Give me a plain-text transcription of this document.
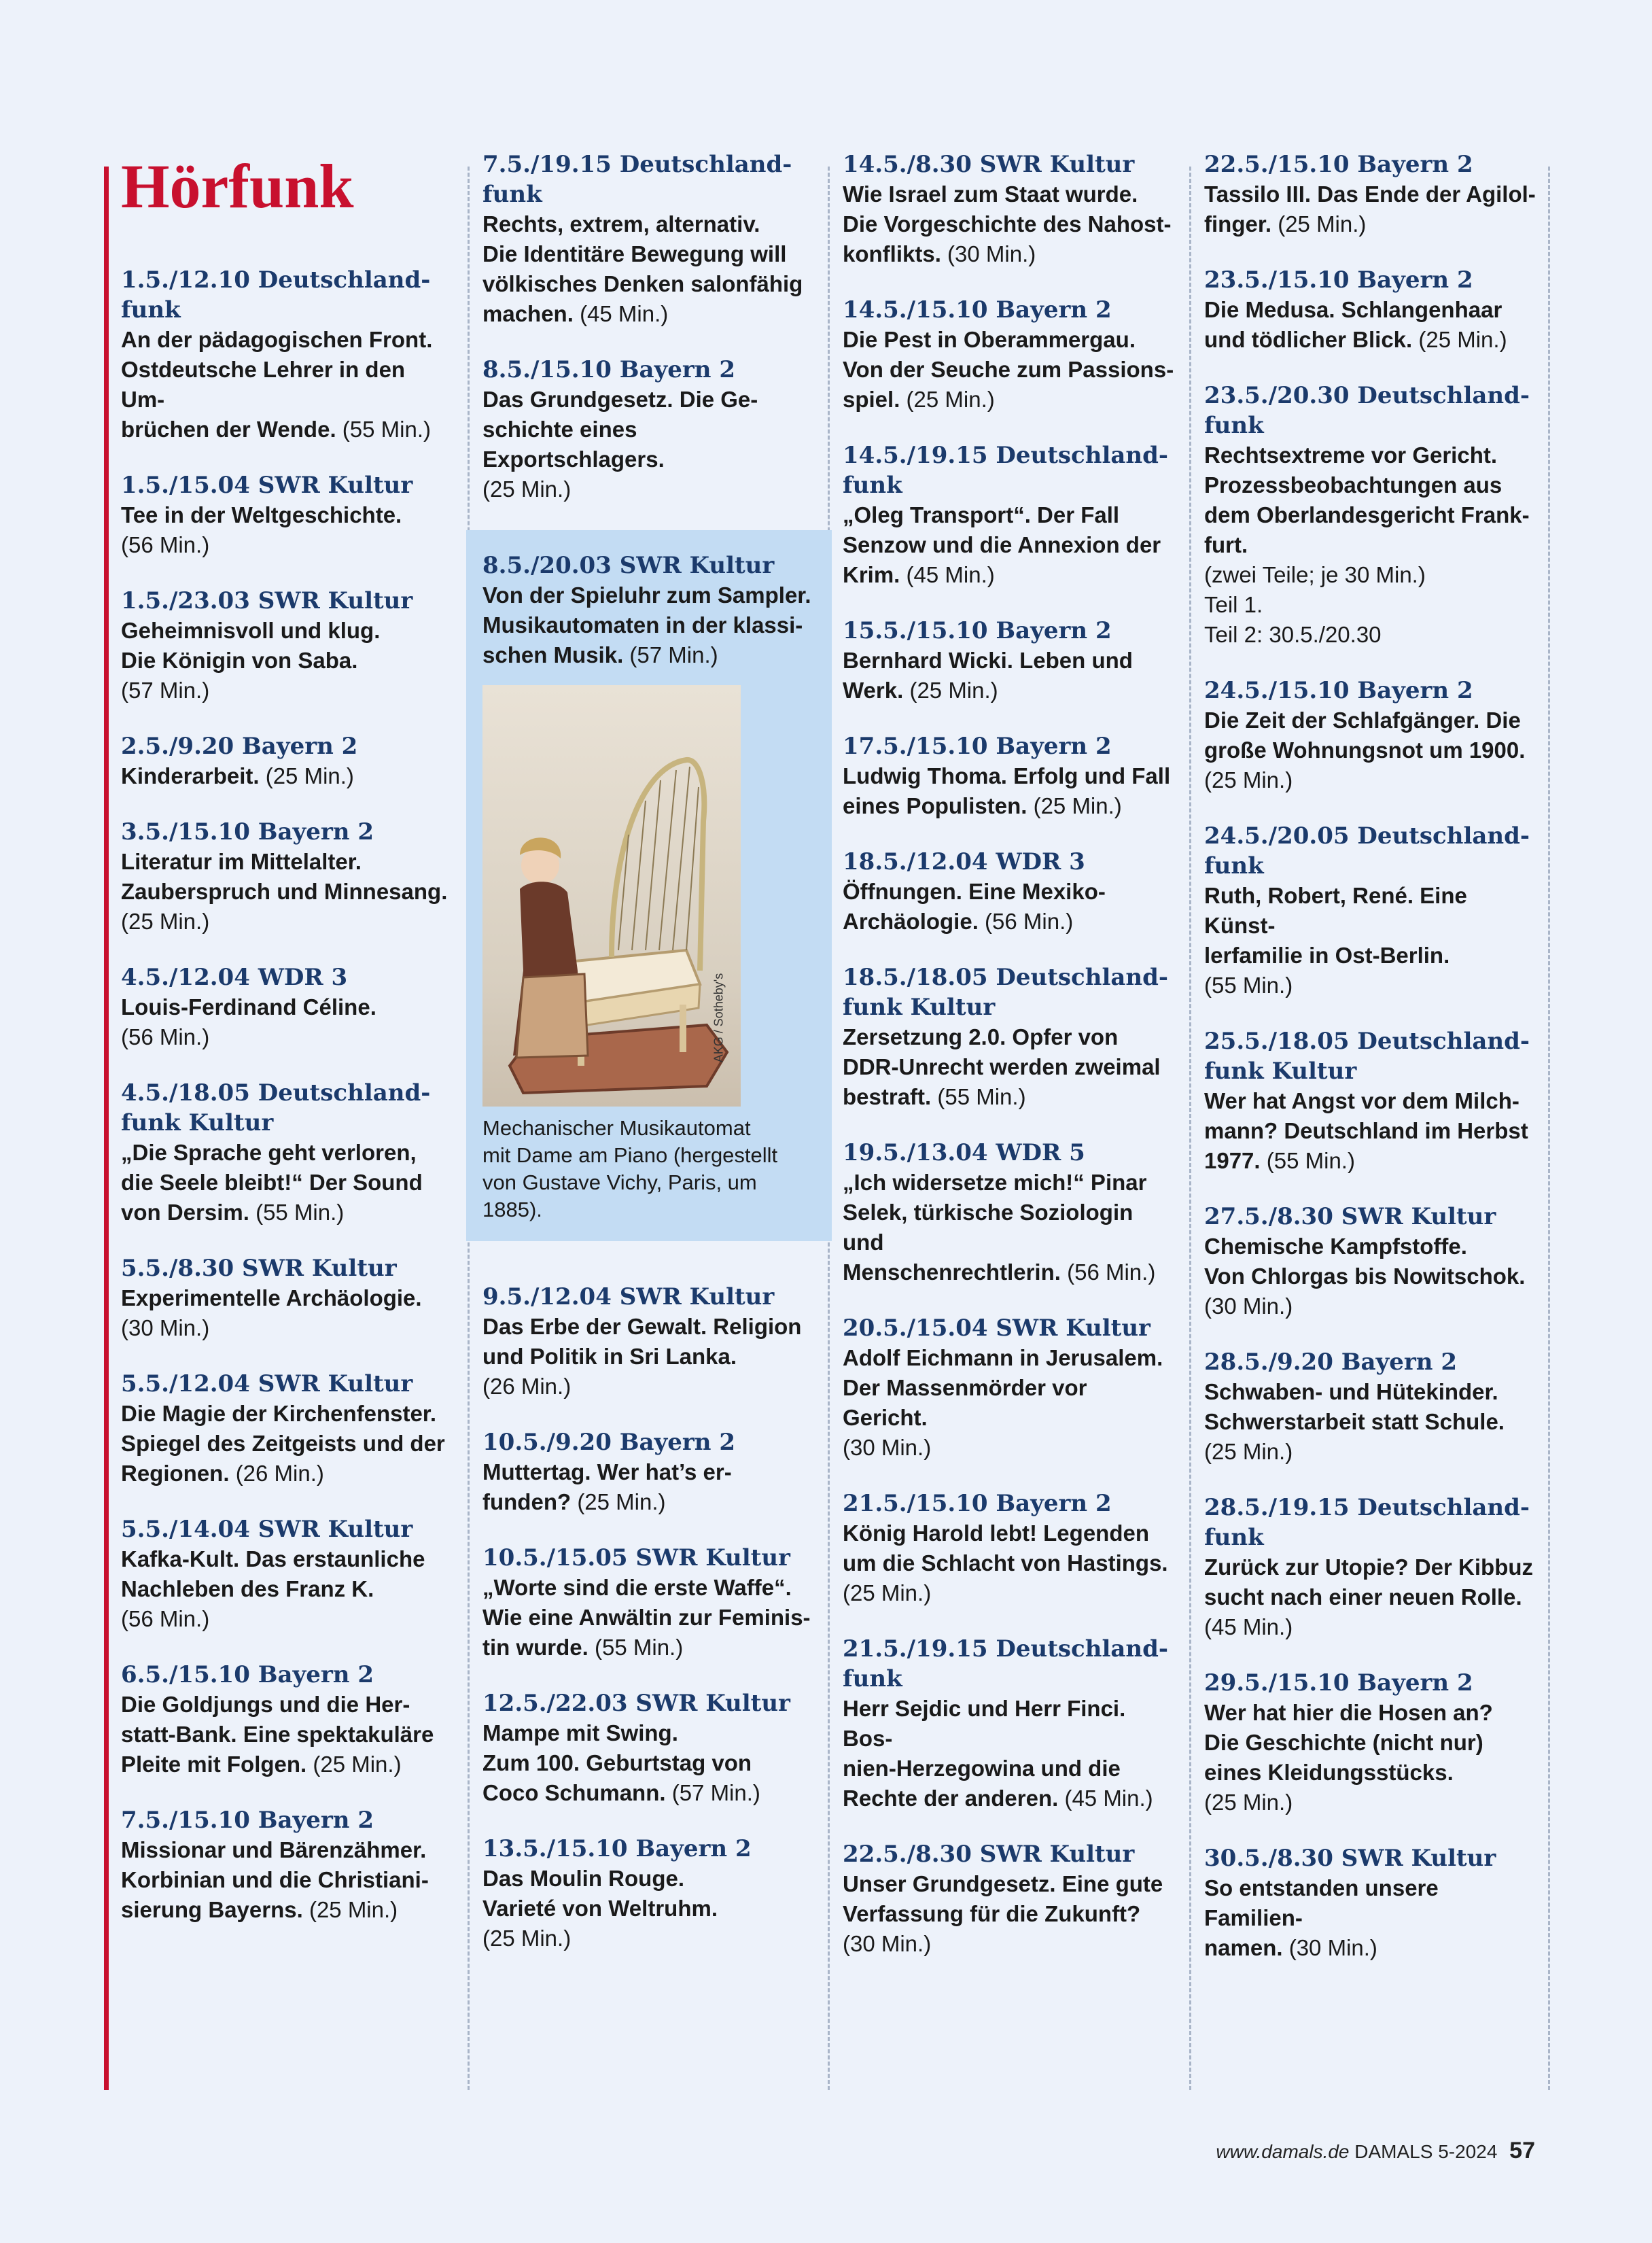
Hörfunk
1.5./12.10 Deutschland-
funk
An der pädagogischen Front.
Ostdeutsche Lehrer in den Um-
brüchen der Wende. (55 Min.)
1.5./15.04 SWR Kultur
Tee in der Weltgeschichte.
(56 Min.)
1.5./23.03 SWR Kultur
Geheimnisvoll und klug.
Die Königin von Saba.
(57 Min.)
2.5./9.20 Bayern 2
Kinderarbeit. (25 Min.)
3.5./15.10 Bayern 2
Literatur im Mittelalter.
Zauberspruch und Minnesang.
(25 Min.)
4.5./12.04 WDR 3
Louis-Ferdinand Céline.
(56 Min.)
4.5./18.05 Deutschland-
funk Kultur
„Die Sprache geht verloren,
die Seele bleibt!“ Der Sound
von Dersim. (55 Min.)
5.5./8.30 SWR Kultur
Experimentelle Archäologie.
(30 Min.)
5.5./12.04 SWR Kultur
Die Magie der Kirchenfenster.
Spiegel des Zeitgeists und der
Regionen. (26 Min.)
5.5./14.04 SWR Kultur
Kafka-Kult. Das erstaunliche
Nachleben des Franz K.
(56 Min.)
6.5./15.10 Bayern 2
Die Goldjungs und die Her-
statt-Bank. Eine spektakuläre
Pleite mit Folgen. (25 Min.)
7.5./15.10 Bayern 2
Missionar und Bärenzähmer.
Korbinian und die Christiani-
sierung Bayerns. (25 Min.)
7.5./19.15 Deutschland-
funk
Rechts, extrem, alternativ.
Die Identitäre Bewegung will
völkisches Denken salonfähig
machen. (45 Min.)
8.5./15.10 Bayern 2
Das Grundgesetz. Die Ge-
schichte eines Exportschlagers.
(25 Min.)
8.5./20.03 SWR Kultur
Von der Spieluhr zum Sampler.
Musikautomaten in der klassi-
schen Musik. (57 Min.)
AKG / Sotheby's
Mechanischer Musikautomat
mit Dame am Piano (hergestellt
von Gustave Vichy, Paris, um
1885).
9.5./12.04 SWR Kultur
Das Erbe der Gewalt. Religion
und Politik in Sri Lanka.
(26 Min.)
10.5./9.20 Bayern 2
Muttertag. Wer hat’s er-
funden? (25 Min.)
10.5./15.05 SWR Kultur
„Worte sind die erste Waffe“.
Wie eine Anwältin zur Feminis-
tin wurde. (55 Min.)
12.5./22.03 SWR Kultur
Mampe mit Swing.
Zum 100. Geburtstag von
Coco Schumann. (57 Min.)
13.5./15.10 Bayern 2
Das Moulin Rouge.
Varieté von Weltruhm.
(25 Min.)
14.5./8.30 SWR Kultur
Wie Israel zum Staat wurde.
Die Vorgeschichte des Nahost-
konflikts. (30 Min.)
14.5./15.10 Bayern 2
Die Pest in Oberammergau.
Von der Seuche zum Passions-
spiel. (25 Min.)
14.5./19.15 Deutschland-
funk
„Oleg Transport“. Der Fall
Senzow und die Annexion der
Krim. (45 Min.)
15.5./15.10 Bayern 2
Bernhard Wicki. Leben und
Werk. (25 Min.)
17.5./15.10 Bayern 2
Ludwig Thoma. Erfolg und Fall
eines Populisten. (25 Min.)
18.5./12.04 WDR 3
Öffnungen. Eine Mexiko-
Archäologie. (56 Min.)
18.5./18.05 Deutschland-
funk Kultur
Zersetzung 2.0. Opfer von
DDR-Unrecht werden zweimal
bestraft. (55 Min.)
19.5./13.04 WDR 5
„Ich widersetze mich!“ Pinar
Selek, türkische Soziologin und
Menschenrechtlerin. (56 Min.)
20.5./15.04 SWR Kultur
Adolf Eichmann in Jerusalem.
Der Massenmörder vor Gericht.
(30 Min.)
21.5./15.10 Bayern 2
König Harold lebt! Legenden
um die Schlacht von Hastings.
(25 Min.)
21.5./19.15 Deutschland-
funk
Herr Sejdic und Herr Finci. Bos-
nien-Herzegowina und die
Rechte der anderen. (45 Min.)
22.5./8.30 SWR Kultur
Unser Grundgesetz. Eine gute
Verfassung für die Zukunft?
(30 Min.)
22.5./15.10 Bayern 2
Tassilo III. Das Ende der Agilol-
finger. (25 Min.)
23.5./15.10 Bayern 2
Die Medusa. Schlangenhaar
und tödlicher Blick. (25 Min.)
23.5./20.30 Deutschland-
funk
Rechtsextreme vor Gericht.
Prozessbeobachtungen aus
dem Oberlandesgericht Frank-
furt.
(zwei Teile; je 30 Min.)
Teil 1.
Teil 2: 30.5./20.30
24.5./15.10 Bayern 2
Die Zeit der Schlafgänger. Die
große Wohnungsnot um 1900.
(25 Min.)
24.5./20.05 Deutschland-
funk
Ruth, Robert, René. Eine Künst-
lerfamilie in Ost-Berlin.
(55 Min.)
25.5./18.05 Deutschland-
funk Kultur
Wer hat Angst vor dem Milch-
mann? Deutschland im Herbst
1977. (55 Min.)
27.5./8.30 SWR Kultur
Chemische Kampfstoffe.
Von Chlorgas bis Nowitschok.
(30 Min.)
28.5./9.20 Bayern 2
Schwaben- und Hütekinder.
Schwerstarbeit statt Schule.
(25 Min.)
28.5./19.15 Deutschland-
funk
Zurück zur Utopie? Der Kibbuz
sucht nach einer neuen Rolle.
(45 Min.)
29.5./15.10 Bayern 2
Wer hat hier die Hosen an?
Die Geschichte (nicht nur)
eines Kleidungsstücks.
(25 Min.)
30.5./8.30 SWR Kultur
So entstanden unsere Familien-
namen. (30 Min.)
www.damals.de DAMALS 5-2024 57
